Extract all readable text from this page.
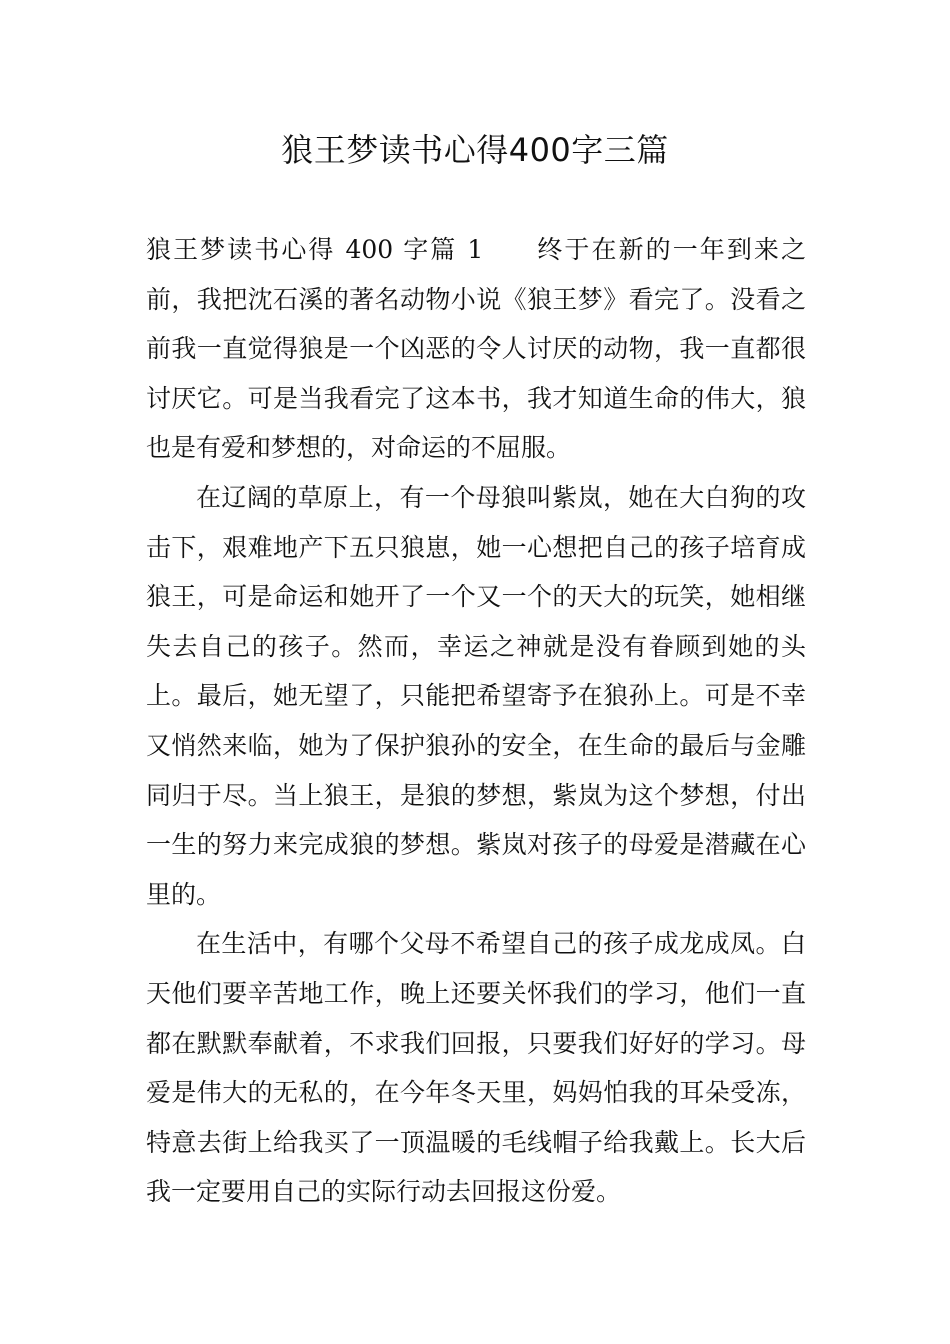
狼王梦读书心得400字三篇

狼王梦读书心得 400 字篇 1 终于在新的一年到来之前，我把沈石溪的著名动物小说《狼王梦》看完了。没看之前我一直觉得狼是一个凶恶的令人讨厌的动物，我一直都很讨厌它。可是当我看完了这本书，我才知道生命的伟大，狼也是有爱和梦想的，对命运的不屈服。

在辽阔的草原上，有一个母狼叫紫岚，她在大白狗的攻击下，艰难地产下五只狼崽，她一心想把自己的孩子培育成狼王，可是命运和她开了一个又一个的天大的玩笑，她相继失去自己的孩子。然而，幸运之神就是没有眷顾到她的头上。最后，她无望了，只能把希望寄予在狼孙上。可是不幸又悄然来临，她为了保护狼孙的安全，在生命的最后与金雕同归于尽。当上狼王，是狼的梦想，紫岚为这个梦想，付出一生的努力来完成狼的梦想。紫岚对孩子的母爱是潜藏在心里的。

在生活中，有哪个父母不希望自己的孩子成龙成凤。白天他们要辛苦地工作，晚上还要关怀我们的学习，他们一直都在默默奉献着，不求我们回报，只要我们好好的学习。母爱是伟大的无私的，在今年冬天里，妈妈怕我的耳朵受冻，特意去街上给我买了一顶温暖的毛线帽子给我戴上。长大后我一定要用自己的实际行动去回报这份爱。
